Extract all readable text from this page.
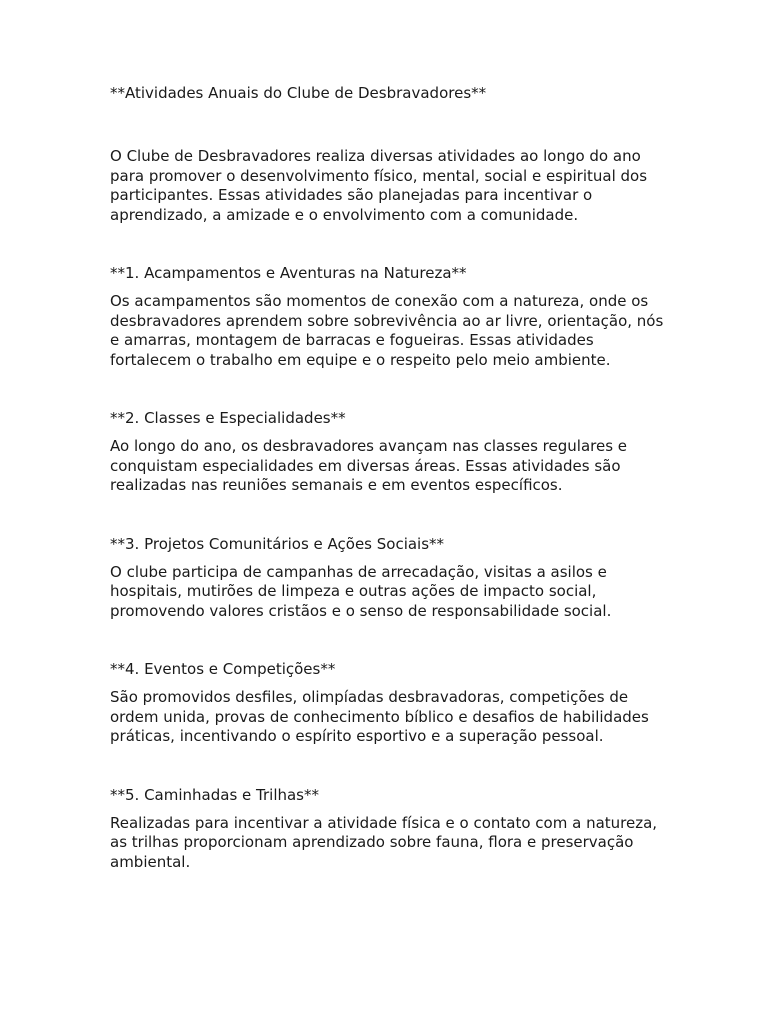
**Atividades Anuais do Clube de Desbravadores**

O Clube de Desbravadores realiza diversas atividades ao longo do ano para promover o desenvolvimento físico, mental, social e espiritual dos participantes. Essas atividades são planejadas para incentivar o aprendizado, a amizade e o envolvimento com a comunidade.

**1. Acampamentos e Aventuras na Natureza**

Os acampamentos são momentos de conexão com a natureza, onde os desbravadores aprendem sobre sobrevivência ao ar livre, orientação, nós e amarras, montagem de barracas e fogueiras. Essas atividades fortalecem o trabalho em equipe e o respeito pelo meio ambiente.

**2. Classes e Especialidades**

Ao longo do ano, os desbravadores avançam nas classes regulares e conquistam especialidades em diversas áreas. Essas atividades são realizadas nas reuniões semanais e em eventos específicos.

**3. Projetos Comunitários e Ações Sociais**

O clube participa de campanhas de arrecadação, visitas a asilos e hospitais, mutirões de limpeza e outras ações de impacto social, promovendo valores cristãos e o senso de responsabilidade social.

**4. Eventos e Competições**

São promovidos desfiles, olimpíadas desbravadoras, competições de ordem unida, provas de conhecimento bíblico e desafios de habilidades práticas, incentivando o espírito esportivo e a superação pessoal.

**5. Caminhadas e Trilhas**

Realizadas para incentivar a atividade física e o contato com a natureza, as trilhas proporcionam aprendizado sobre fauna, flora e preservação ambiental.
